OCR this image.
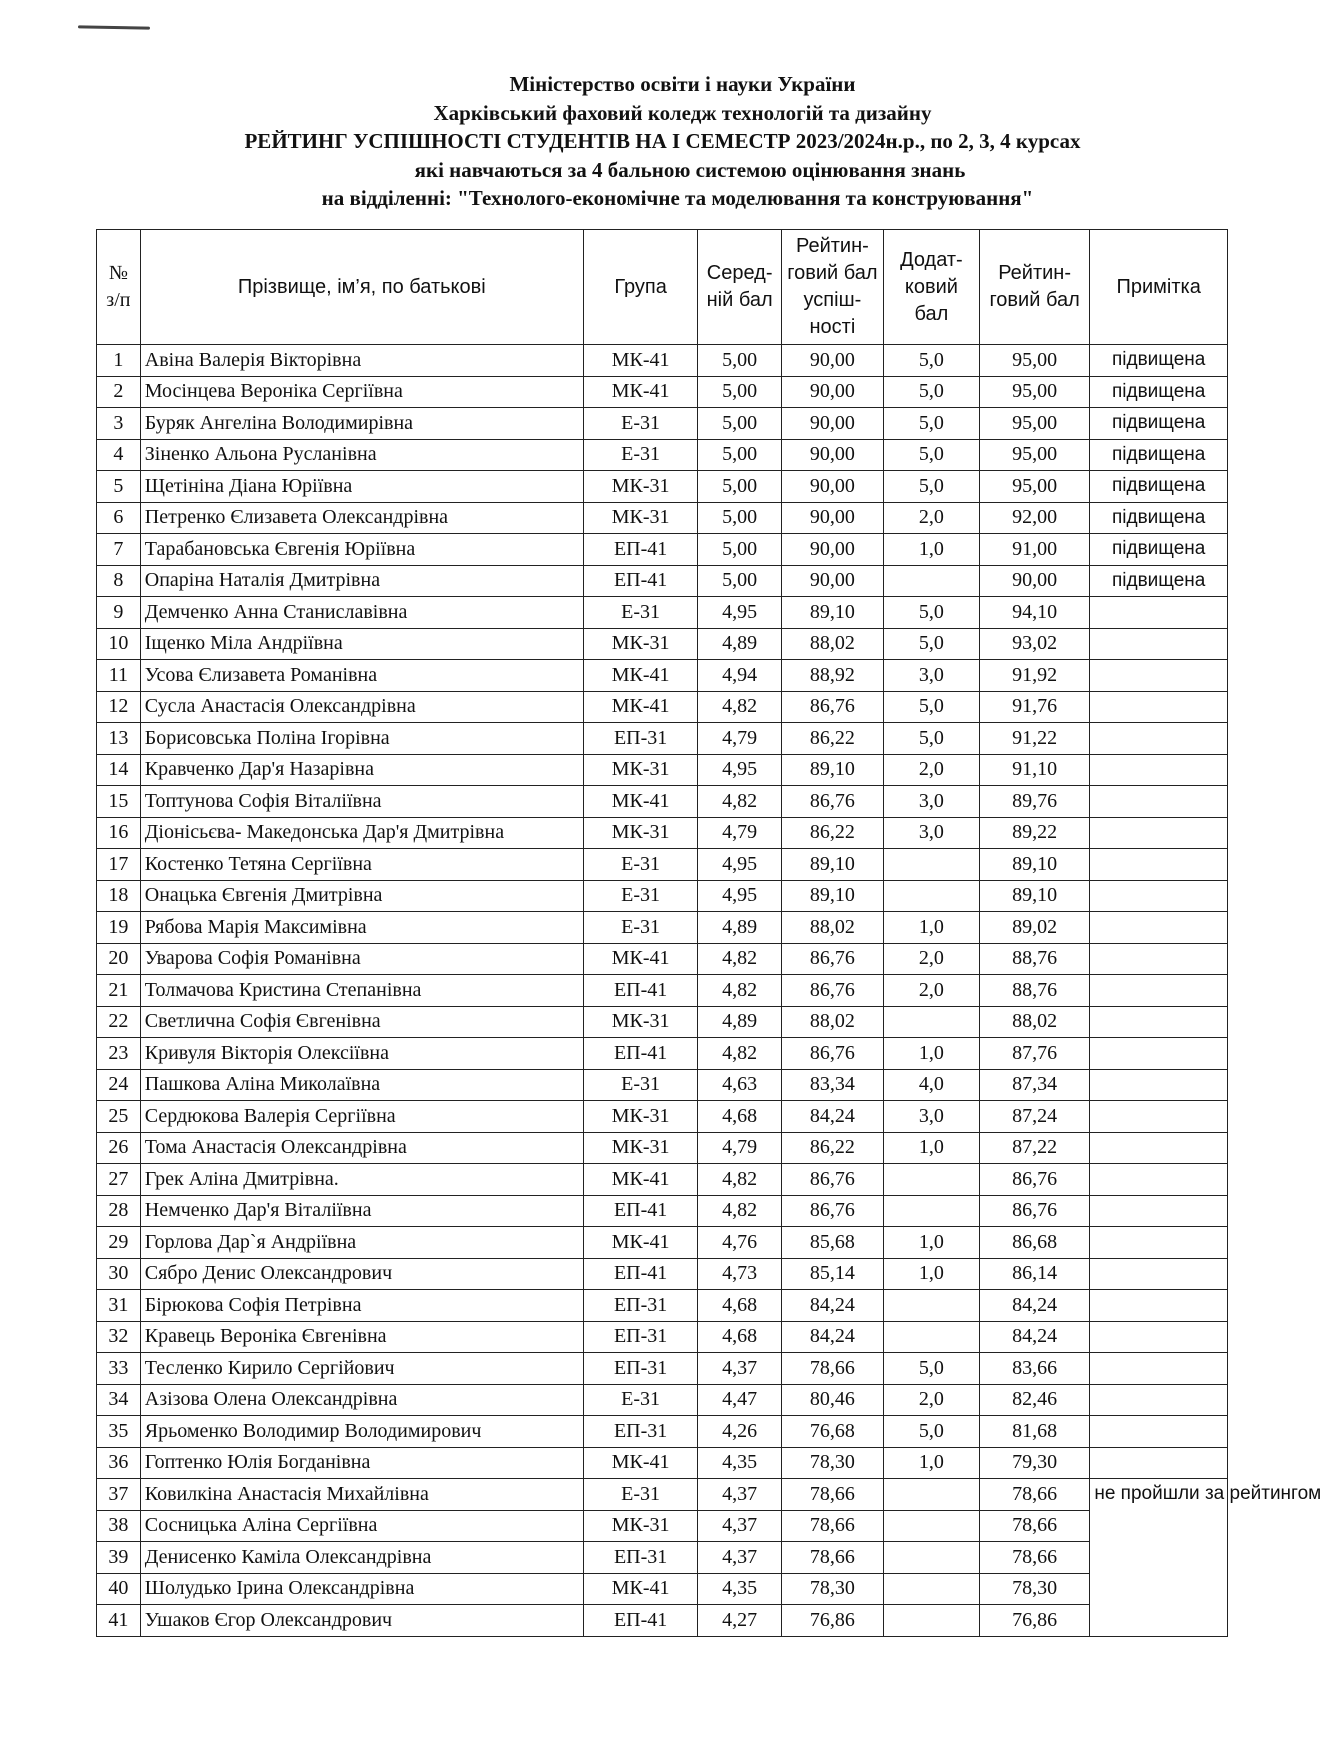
Міністерство освіти і науки України
Харківський фаховий коледж технологій та дизайну
РЕЙТИНГ УСПІШНОСТІ СТУДЕНТІВ НА І СЕМЕСТР 2023/2024н.р., по 2, 3, 4 курсах
які навчаються за 4 бальною системою оцінювання знань
на відділенні: "Технолого-економічне та моделювання та конструювання"
№ з/п	Прізвище, ім’я, по батькові	Група	Серед-ній бал	Рейтин-говий бал успіш-ності	Додат-ковий бал	Рейтин-говий бал	Примітка
1	Авіна Валерія Вікторівна	МК-41	5,00	90,00	5,0	95,00	підвищена
2	Мосінцева Вероніка Сергіївна	МК-41	5,00	90,00	5,0	95,00	підвищена
3	Буряк Ангеліна Володимирівна	Е-31	5,00	90,00	5,0	95,00	підвищена
4	Зіненко Альона Русланівна	Е-31	5,00	90,00	5,0	95,00	підвищена
5	Щетініна Діана Юріївна	МК-31	5,00	90,00	5,0	95,00	підвищена
6	Петренко Єлизавета Олександрівна	МК-31	5,00	90,00	2,0	92,00	підвищена
7	Тарабановська Євгенія Юріївна	ЕП-41	5,00	90,00	1,0	91,00	підвищена
8	Опаріна Наталія Дмитрівна	ЕП-41	5,00	90,00		90,00	підвищена
9	Демченко Анна Станиславівна	Е-31	4,95	89,10	5,0	94,10	
10	Іщенко Міла Андріївна	МК-31	4,89	88,02	5,0	93,02	
11	Усова Єлизавета Романівна	МК-41	4,94	88,92	3,0	91,92	
12	Сусла Анастасія Олександрівна	МК-41	4,82	86,76	5,0	91,76	
13	Борисовська Поліна Ігорівна	ЕП-31	4,79	86,22	5,0	91,22	
14	Кравченко Дар'я Назарівна	МК-31	4,95	89,10	2,0	91,10	
15	Топтунова Софія Віталіївна	МК-41	4,82	86,76	3,0	89,76	
16	Діонісьєва- Македонська Дар'я Дмитрівна	МК-31	4,79	86,22	3,0	89,22	
17	Костенко Тетяна Сергіївна	Е-31	4,95	89,10		89,10	
18	Онацька Євгенія Дмитрівна	Е-31	4,95	89,10		89,10	
19	Рябова Марія Максимівна	Е-31	4,89	88,02	1,0	89,02	
20	Уварова Софія Романівна	МК-41	4,82	86,76	2,0	88,76	
21	Толмачова Кристина Степанівна	ЕП-41	4,82	86,76	2,0	88,76	
22	Светлична Софія Євгенівна	МК-31	4,89	88,02		88,02	
23	Кривуля Вікторія Олексіївна	ЕП-41	4,82	86,76	1,0	87,76	
24	Пашкова Аліна Миколаївна	Е-31	4,63	83,34	4,0	87,34	
25	Сердюкова Валерія Сергіївна	МК-31	4,68	84,24	3,0	87,24	
26	Тома Анастасія Олександрівна	МК-31	4,79	86,22	1,0	87,22	
27	Грек Аліна Дмитрівна.	МК-41	4,82	86,76		86,76	
28	Немченко Дар'я Віталіївна	ЕП-41	4,82	86,76		86,76	
29	Горлова Дар`я Андріївна	МК-41	4,76	85,68	1,0	86,68	
30	Сябро Денис Олександрович	ЕП-41	4,73	85,14	1,0	86,14	
31	Бірюкова Софія Петрівна	ЕП-31	4,68	84,24		84,24	
32	Кравець Вероніка Євгенівна	ЕП-31	4,68	84,24		84,24	
33	Тесленко Кирило Сергійович	ЕП-31	4,37	78,66	5,0	83,66	
34	Азізова Олена Олександрівна	Е-31	4,47	80,46	2,0	82,46	
35	Ярьоменко Володимир Володимирович	ЕП-31	4,26	76,68	5,0	81,68	
36	Гоптенко Юлія Богданівна	МК-41	4,35	78,30	1,0	79,30	
37	Ковилкіна Анастасія Михайлівна	Е-31	4,37	78,66		78,66	не пройшли за рейтингом
38	Сосницька Аліна Сергіївна	МК-31	4,37	78,66		78,66	
39	Денисенко Каміла Олександрівна	ЕП-31	4,37	78,66		78,66	
40	Шолудько Ірина Олександрівна	МК-41	4,35	78,30		78,30	
41	Ушаков Єгор Олександрович	ЕП-41	4,27	76,86		76,86	
